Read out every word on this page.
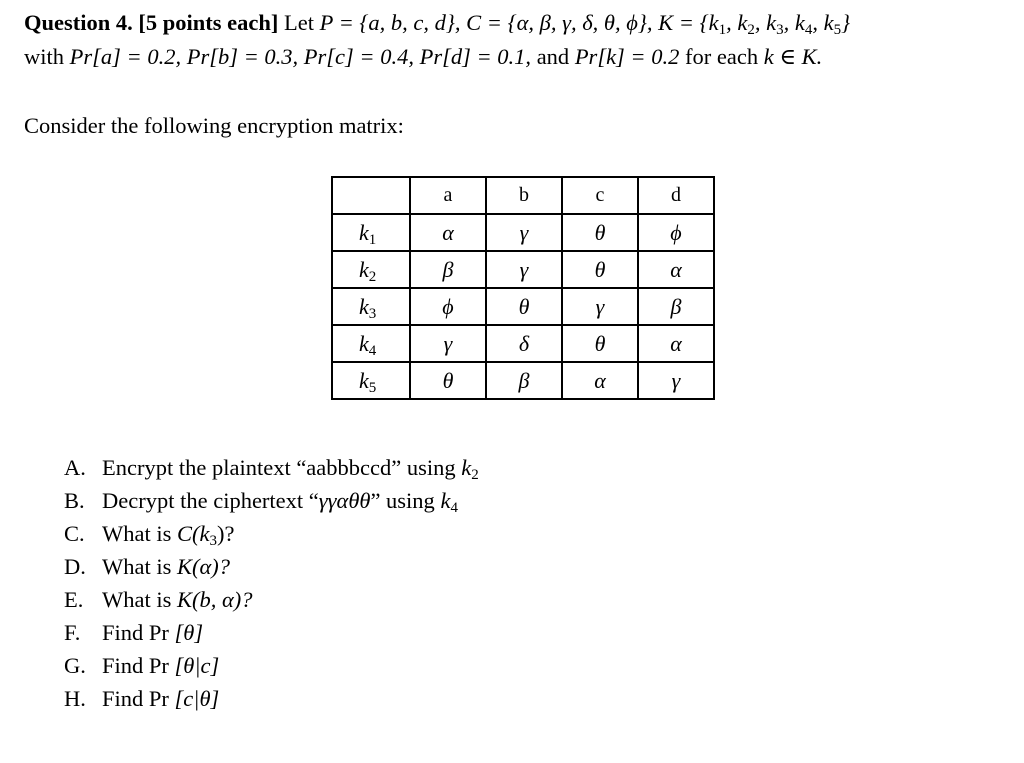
Question 4. [5 points each] Let P = {a, b, c, d}, C = {α, β, γ, δ, θ, ϕ}, $K = \{k_1$, $k_2$, $k_3$, $k_4$, $k_5$}
with Pr[a] = 0.2, Pr[b] = 0.3, Pr[c] = 0.4, Pr[d] = 0.1, and Pr[k] = 0.2 for each k ∈ K.
Consider the following encryption matrix:
	a	b	c	d
$k_1$	α	γ	θ	ϕ
$k_2$	β	γ	θ	α
$k_3$	ϕ	θ	γ	β
$k_4$	γ	δ	θ	α
$k_5$	θ	β	α	γ
A. Encrypt the plaintext “aabbbccd” using $k_2$
B. Decrypt the ciphertext “γγαθθ” using $k_4$
C. What is $C(k_3)$?
D. What is K(α)?
E. What is K(b, α)?
F. Find Pr [θ]
G. Find Pr [θ|c]
H. Find Pr [c|θ]
